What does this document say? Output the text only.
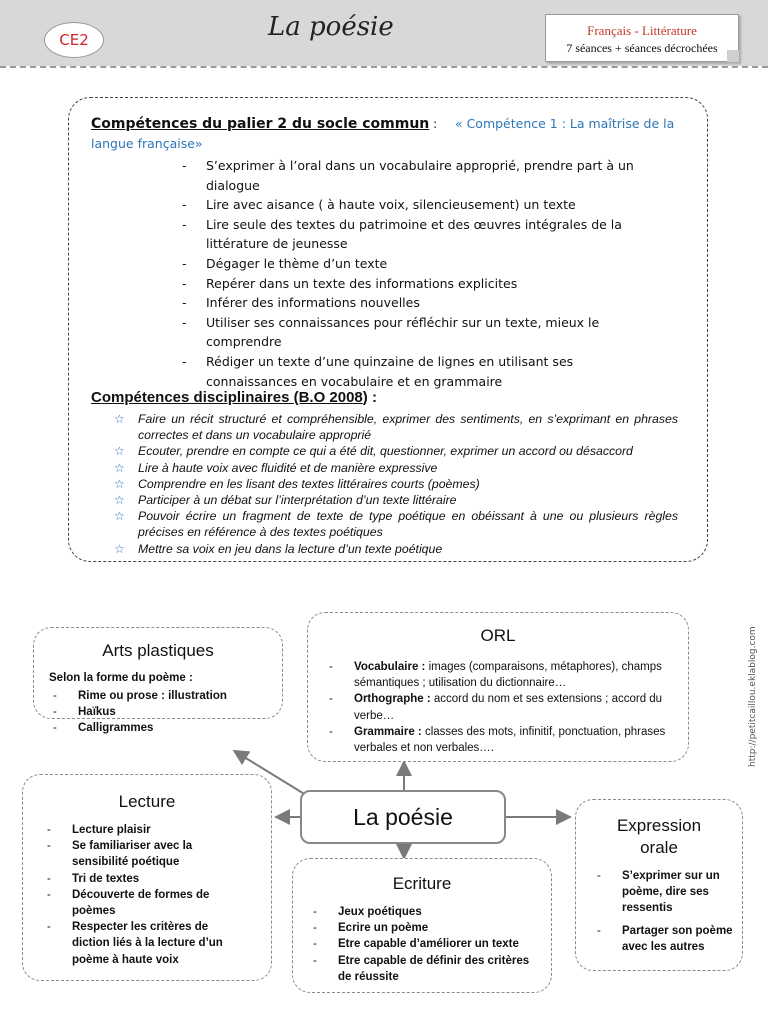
CE2	La poésie	Français - Littérature
7 séances + séances décrochées
Compétences du palier 2 du socle commun : « Compétence 1 : La maîtrise de la langue française»
- S’exprimer à l’oral dans un vocabulaire approprié, prendre part à un dialogue
- Lire avec aisance ( à haute voix, silencieusement) un texte
- Lire seule des textes du patrimoine et des œuvres intégrales de la littérature de jeunesse
- Dégager le thème d’un texte
- Repérer dans un texte des informations explicites
- Inférer des informations nouvelles
- Utiliser ses connaissances pour réfléchir sur un texte, mieux le comprendre
- Rédiger un texte d’une quinzaine de lignes en utilisant ses connaissances en vocabulaire et en grammaire
Compétences disciplinaires (B.O 2008) :
☆ Faire un récit structuré et compréhensible, exprimer des sentiments, en s’exprimant en phrases correctes et dans un vocabulaire approprié
☆ Ecouter, prendre en compte ce qui a été dit, questionner, exprimer un accord ou désaccord
☆ Lire à haute voix avec fluidité et de manière expressive
☆ Comprendre en les lisant des textes littéraires courts (poèmes)
☆ Participer à un débat sur l’interprétation d’un texte littéraire
☆ Pouvoir écrire un fragment de texte de type poétique en obéissant à une ou plusieurs règles précises en référence à des textes poétiques
☆ Mettre sa voix en jeu dans la lecture d’un texte poétique
http://petitcaillou.eklablog.com
Arts plastiques
Selon la forme du poème :
- Rime ou prose : illustration
- Haïkus
- Calligrammes
ORL
- Vocabulaire : images (comparaisons, métaphores), champs sémantiques ; utilisation du dictionnaire…
- Orthographe : accord du nom et ses extensions ; accord du verbe…
- Grammaire : classes des mots, infinitif, ponctuation, phrases verbales et non verbales….
Lecture
- Lecture plaisir
- Se familiariser avec la sensibilité poétique
- Tri de textes
- Découverte de formes de poèmes
- Respecter les critères de diction liés à la lecture d’un poème à haute voix
La poésie
Ecriture
- Jeux poétiques
- Ecrire un poème
- Etre capable d’améliorer un texte
- Etre capable de définir des critères de réussite
Expression
orale
- S’exprimer sur un poème, dire ses ressentis
- Partager son poème avec les autres
